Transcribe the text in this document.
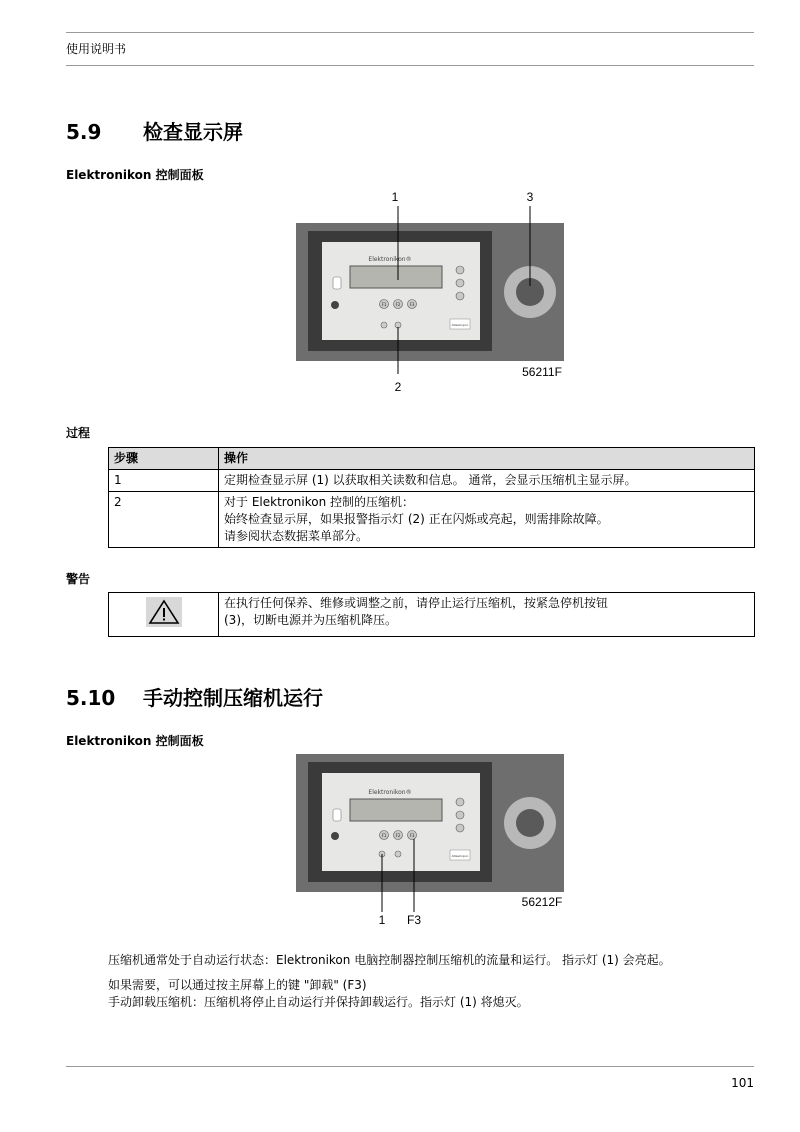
使用说明书
5.9 检查显示屏
Elektronikon 控制面板
1	3
Elektronikon®
F1 F2 F3
AtlasCopco
56211F
2
过程
步骤	操作
1	定期检查显示屏 (1) 以获取相关读数和信息。 通常，会显示压缩机主显示屏。

2	对于 Elektronikon 控制的压缩机：
始终检查显示屏，如果报警指示灯 (2) 正在闪烁或亮起，则需排除故障。
请参阅状态数据菜单部分。
警告

在执行任何保养、维修或调整之前，请停止运行压缩机，按紧急停机按钮
(3)，切断电源并为压缩机降压。
5.10 手动控制压缩机运行
Elektronikon 控制面板
Elektronikon®
F1 F2 F3
AtlasCopco
56212F
1 F3
压缩机通常处于自动运行状态：Elektronikon 电脑控制器控制压缩机的流量和运行。 指示灯 (1) 会亮起。
如果需要，可以通过按主屏幕上的键 "卸载" (F3)
手动卸载压缩机：压缩机将停止自动运行并保持卸载运行。指示灯 (1) 将熄灭。
101
